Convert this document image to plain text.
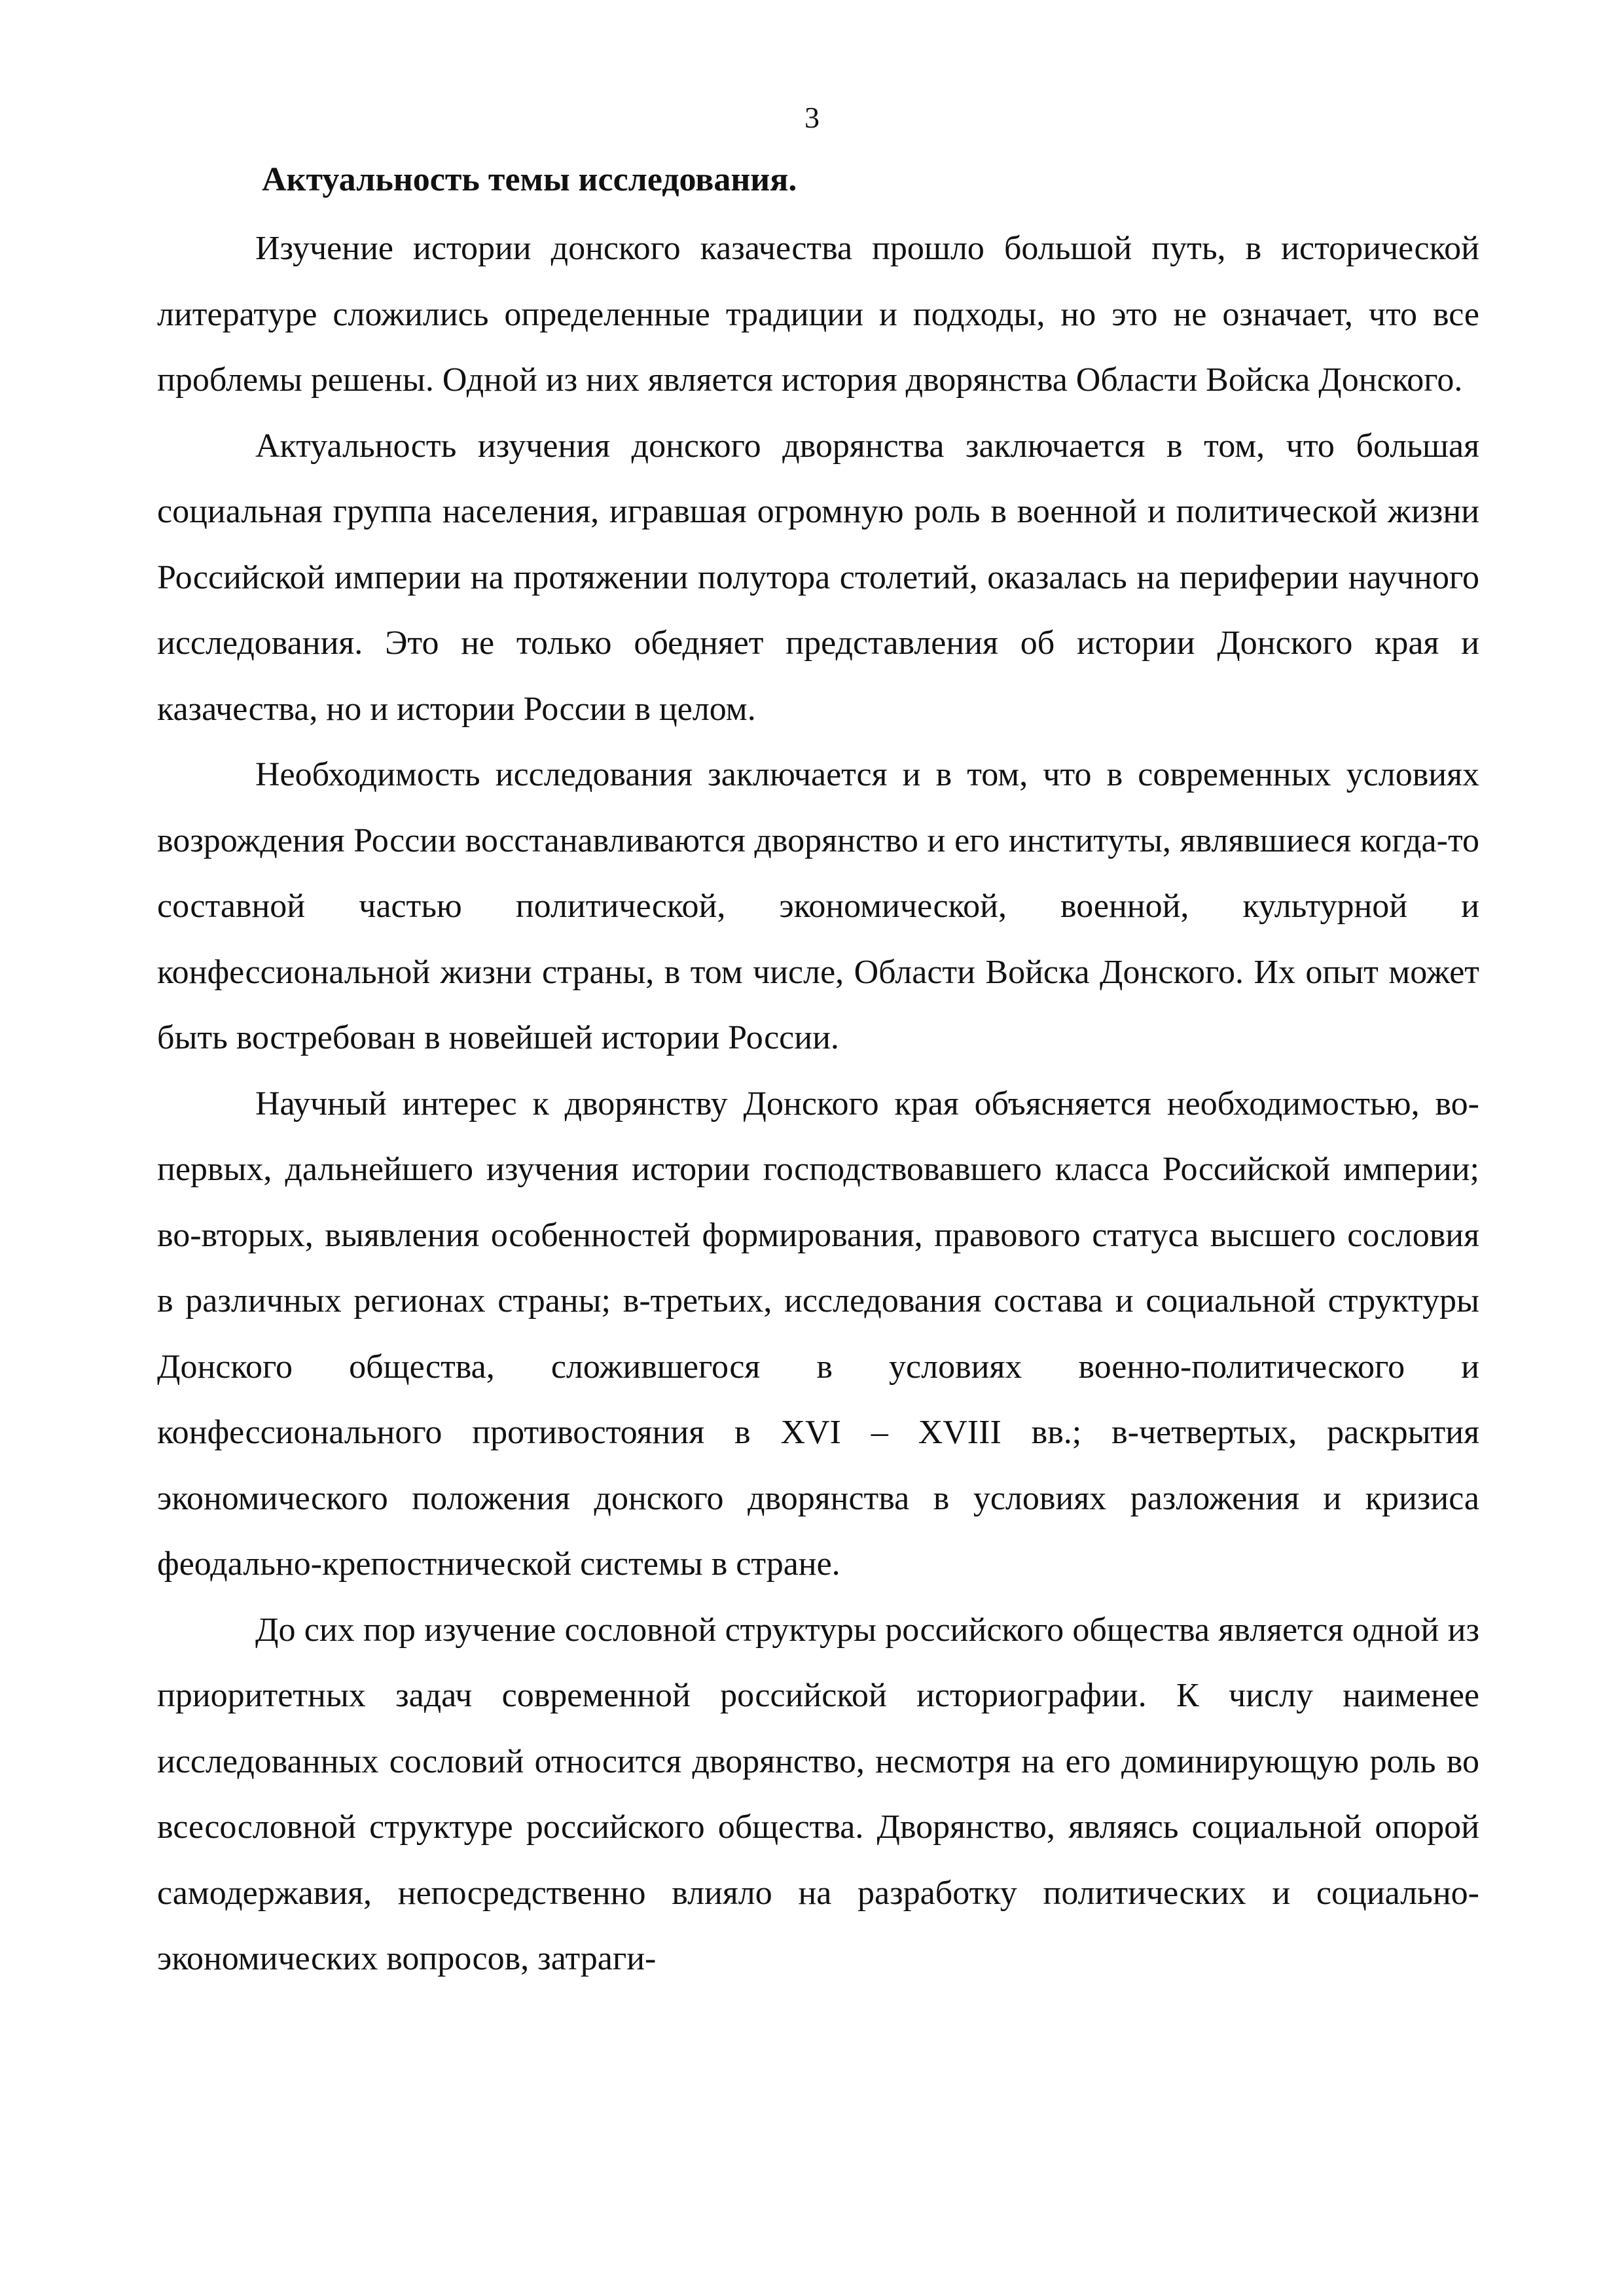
3
Актуальность темы исследования.

Изучение истории донского казачества прошло большой путь, в исторической литературе сложились определенные традиции и подходы, но это не означает, что все проблемы решены. Одной из них является история дворянства Области Войска Донского.

Актуальность изучения донского дворянства заключается в том, что большая социальная группа населения, игравшая огромную роль в военной и политической жизни Российской империи на протяжении полутора столетий, оказалась на периферии научного исследования. Это не только обедняет представления об истории Донского края и казачества, но и истории России в целом.

Необходимость исследования заключается и в том, что в современных условиях возрождения России восстанавливаются дворянство и его институты, являвшиеся когда-то составной частью политической, экономической, военной, культурной и конфессиональной жизни страны, в том числе, Области Войска Донского. Их опыт может быть востребован в новейшей истории России.

Научный интерес к дворянству Донского края объясняется необходимостью, во-первых, дальнейшего изучения истории господствовавшего класса Российской империи; во-вторых, выявления особенностей формирования, правового статуса высшего сословия в различных регионах страны; в-третьих, исследования состава и социальной структуры Донского общества, сложившегося в условиях военно-политического и конфессионального противостояния в XVI – XVIII вв.; в-четвертых, раскрытия экономического положения донского дворянства в условиях разложения и кризиса феодально-крепостнической системы в стране.

До сих пор изучение сословной структуры российского общества является одной из приоритетных задач современной российской историографии. К числу наименее исследованных сословий относится дворянство, несмотря на его доминирующую роль во всесословной структуре российского общества. Дворянство, являясь социальной опорой самодержавия, непосредственно влияло на разработку политических и социально-экономических вопросов, затраги-
